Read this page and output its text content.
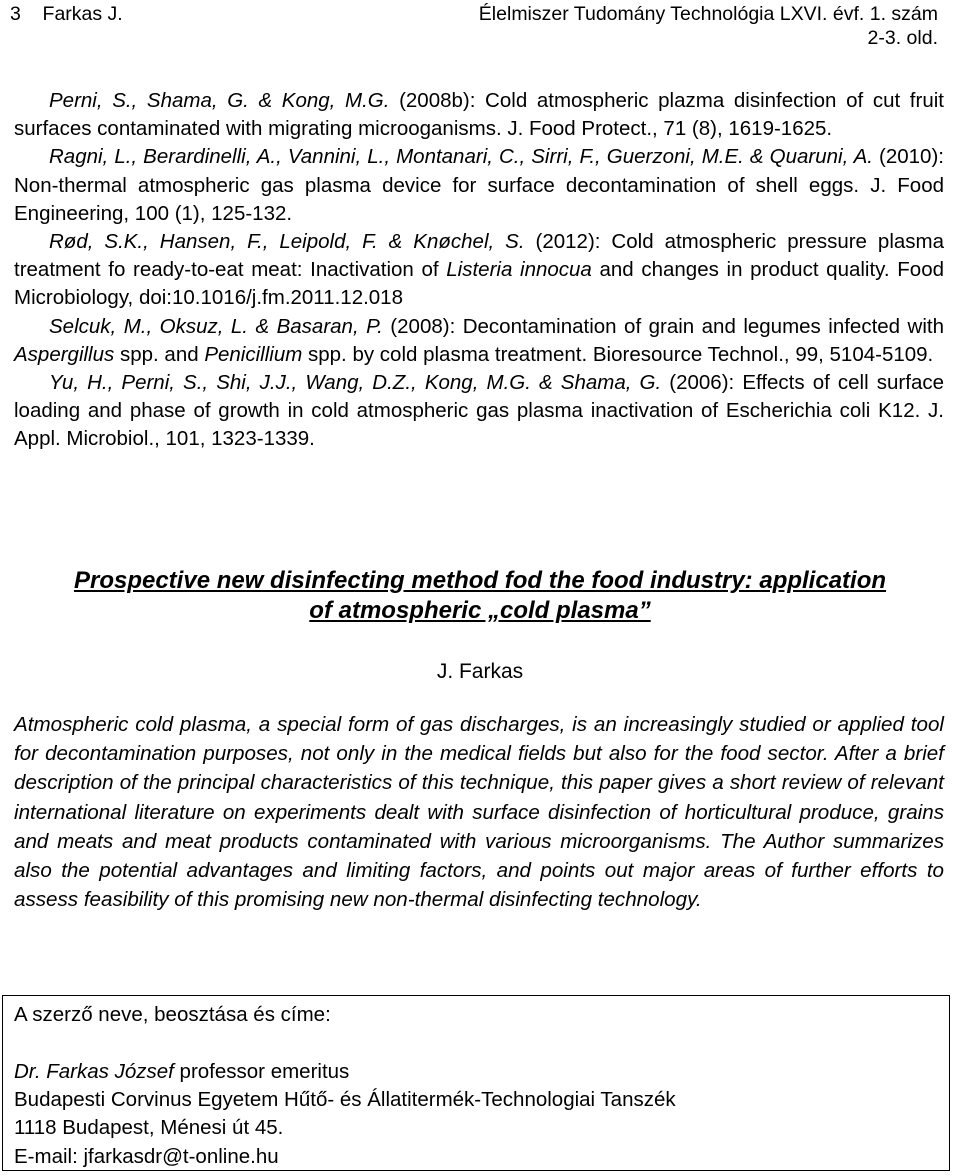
3 Farkas J.	Élelmiszer Tudomány Technológia LXVI. évf. 1. szám
2-3. old.

Perni, S., Shama, G. & Kong, M.G. (2008b): Cold atmospheric plazma disinfection of cut fruit surfaces contaminated with migrating microoganisms. J. Food Protect., 71 (8), 1619-1625.

Ragni, L., Berardinelli, A., Vannini, L., Montanari, C., Sirri, F., Guerzoni, M.E. & Quaruni, A. (2010): Non-thermal atmospheric gas plasma device for surface decontamination of shell eggs. J. Food Engineering, 100 (1), 125-132.

Rød, S.K., Hansen, F., Leipold, F. & Knøchel, S. (2012): Cold atmospheric pressure plasma treatment fo ready-to-eat meat: Inactivation of Listeria innocua and changes in product quality. Food Microbiology, doi:10.1016/j.fm.2011.12.018

Selcuk, M., Oksuz, L. & Basaran, P. (2008): Decontamination of grain and legumes infected with Aspergillus spp. and Penicillium spp. by cold plasma treatment. Bioresource Technol., 99, 5104-5109.

Yu, H., Perni, S., Shi, J.J., Wang, D.Z., Kong, M.G. & Shama, G. (2006): Effects of cell surface loading and phase of growth in cold atmospheric gas plasma inactivation of Escherichia coli K12. J. Appl. Microbiol., 101, 1323-1339.

Prospective new disinfecting method fod the food industry: application
of atmospheric „cold plasma”
J. Farkas

Atmospheric cold plasma, a special form of gas discharges, is an increasingly studied or applied tool for decontamination purposes, not only in the medical fields but also for the food sector. After a brief description of the principal characteristics of this technique, this paper gives a short review of relevant international literature on experiments dealt with surface disinfection of horticultural produce, grains and meats and meat products contaminated with various microorganisms. The Author summarizes also the potential advantages and limiting factors, and points out major areas of further efforts to assess feasibility of this promising new non-thermal disinfecting technology.

A szerző neve, beosztása és címe:
Dr. Farkas József professor emeritus
Budapesti Corvinus Egyetem Hűtő- és Állatitermék-Technologiai Tanszék
1118 Budapest, Ménesi út 45.
E-mail: jfarkasdr@t-online.hu
